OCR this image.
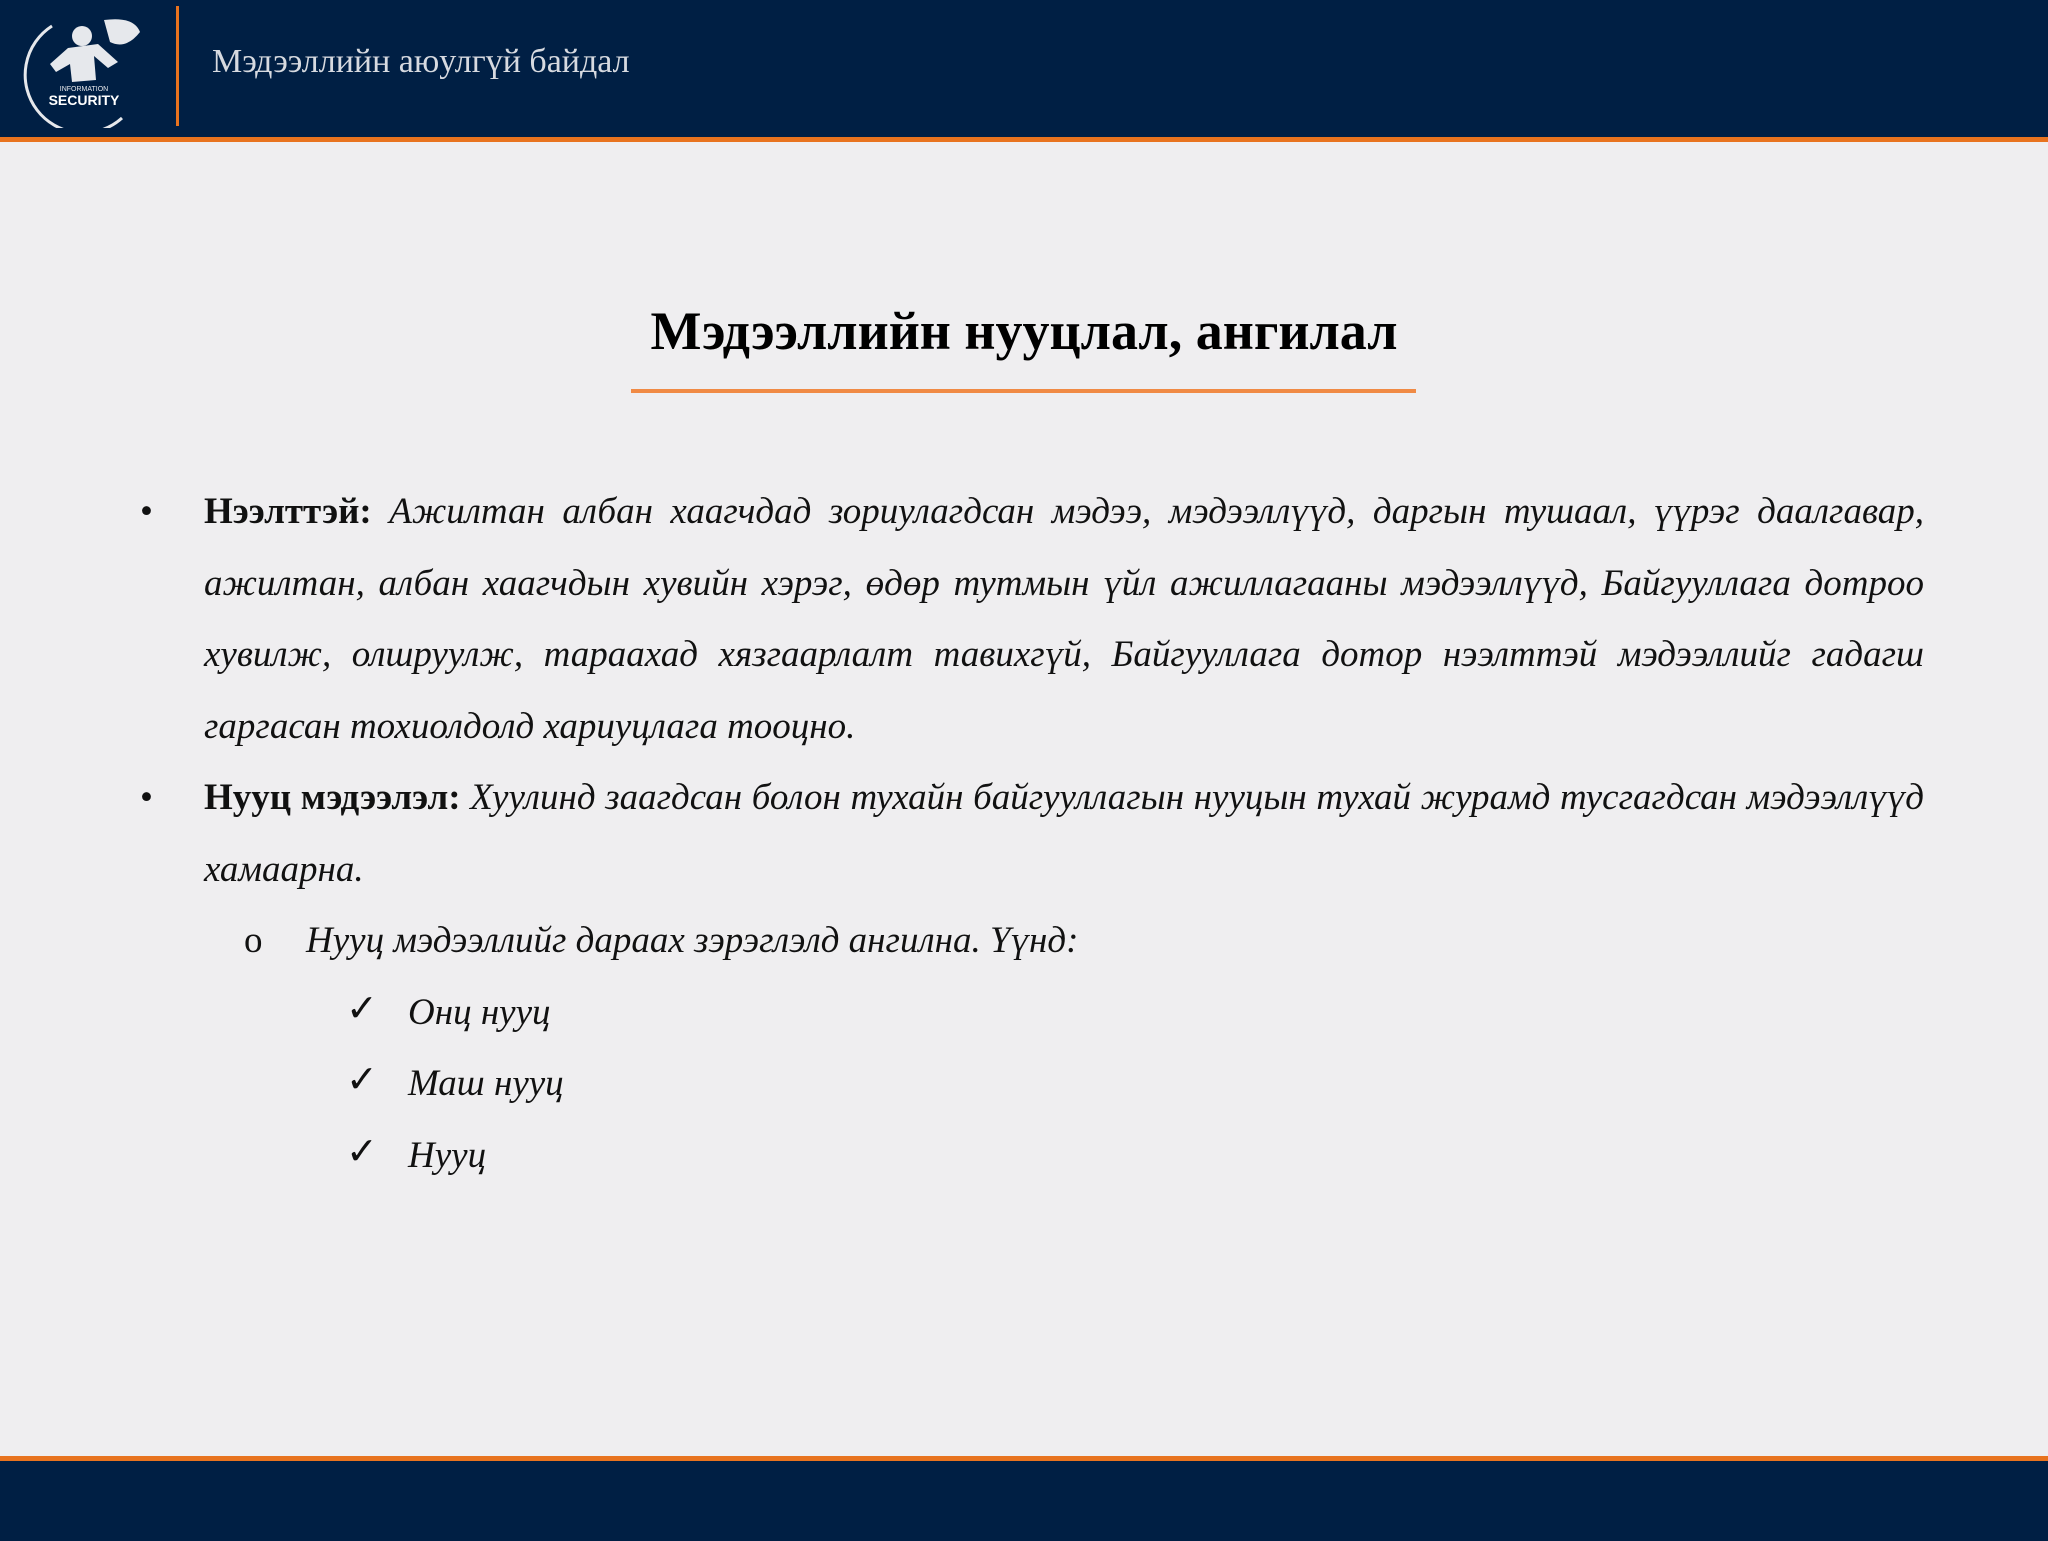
INFORMATION
SECURITY
Мэдээллийн аюулгүй байдал
Мэдээллийн нууцлал, ангилал
• Нээлттэй: Ажилтан албан хаагчдад зориулагдсан мэдээ, мэдээллүүд, даргын тушаал, үүрэг даалгавар, ажилтан, албан хаагчдын хувийн хэрэг, өдөр тутмын үйл ажиллагааны мэдээллүүд, Байгууллага дотроо хувилж, олшруулж, тараахад хязгаарлалт тавихгүй, Байгууллага дотор нээлттэй мэдээллийг гадагш гаргасан тохиолдолд хариуцлага тооцно.
• Нууц мэдээлэл: Хуулинд заагдсан болон тухайн байгууллагын нууцын тухай журамд тусгагдсан мэдээллүүд хамаарна.
o Нууц мэдээллийг дараах зэрэглэлд ангилна. Үүнд:
✓ Онц нууц
✓ Маш нууц
✓ Нууц
